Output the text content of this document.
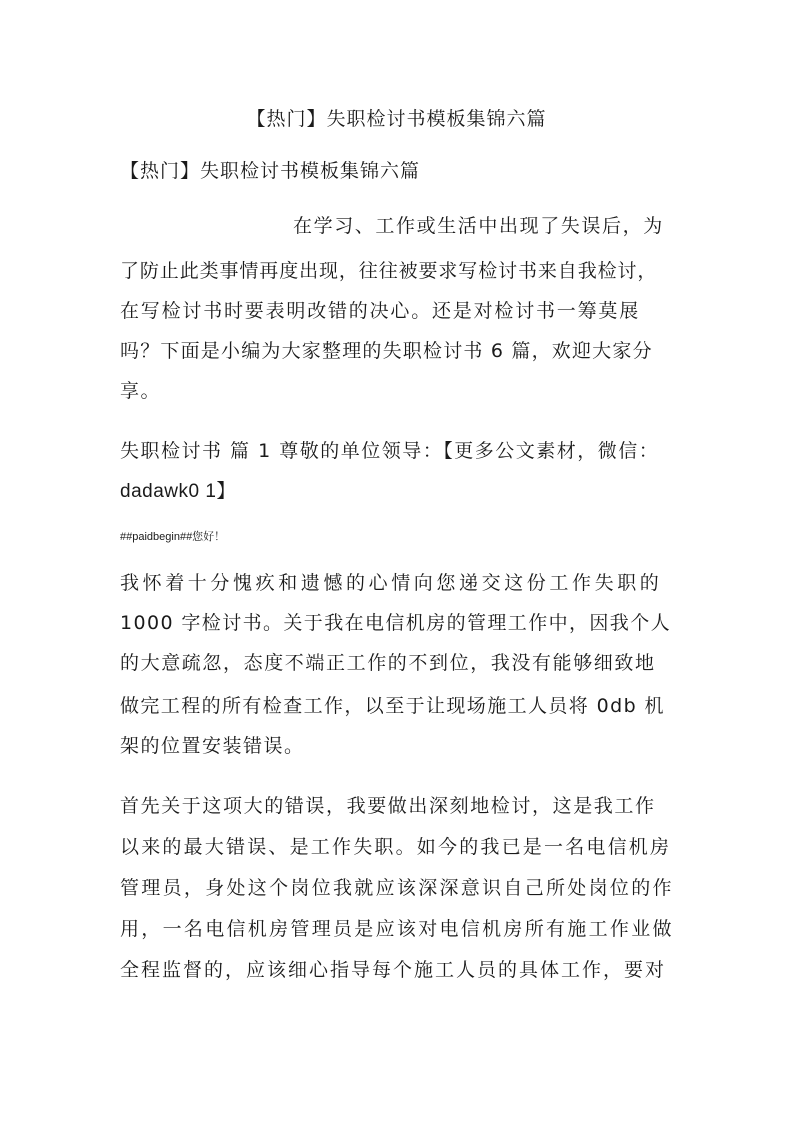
【热门】失职检讨书模板集锦六篇
【热门】失职检讨书模板集锦六篇
在学习、工作或生活中出现了失误后，为
了防止此类事情再度出现，往往被要求写检讨书来自我检讨，
在写检讨书时要表明改错的决心。还是对检讨书一筹莫展
吗？下面是小编为大家整理的失职检讨书 6 篇，欢迎大家分
享。
失职检讨书 篇 1 尊敬的单位领导：【更多公文素材，微信：
dadawk0 1】
##paidbegin##您好！
我怀着十分愧疚和遗憾的心情向您递交这份工作失职的
1000 字检讨书。关于我在电信机房的管理工作中，因我个人
的大意疏忽，态度不端正工作的不到位，我没有能够细致地
做完工程的所有检查工作，以至于让现场施工人员将 0db 机
架的位置安装错误。
首先关于这项大的错误，我要做出深刻地检讨，这是我工作
以来的最大错误、是工作失职。如今的我已是一名电信机房
管理员，身处这个岗位我就应该深深意识自己所处岗位的作
用，一名电信机房管理员是应该对电信机房所有施工作业做
全程监督的，应该细心指导每个施工人员的具体工作，要对
